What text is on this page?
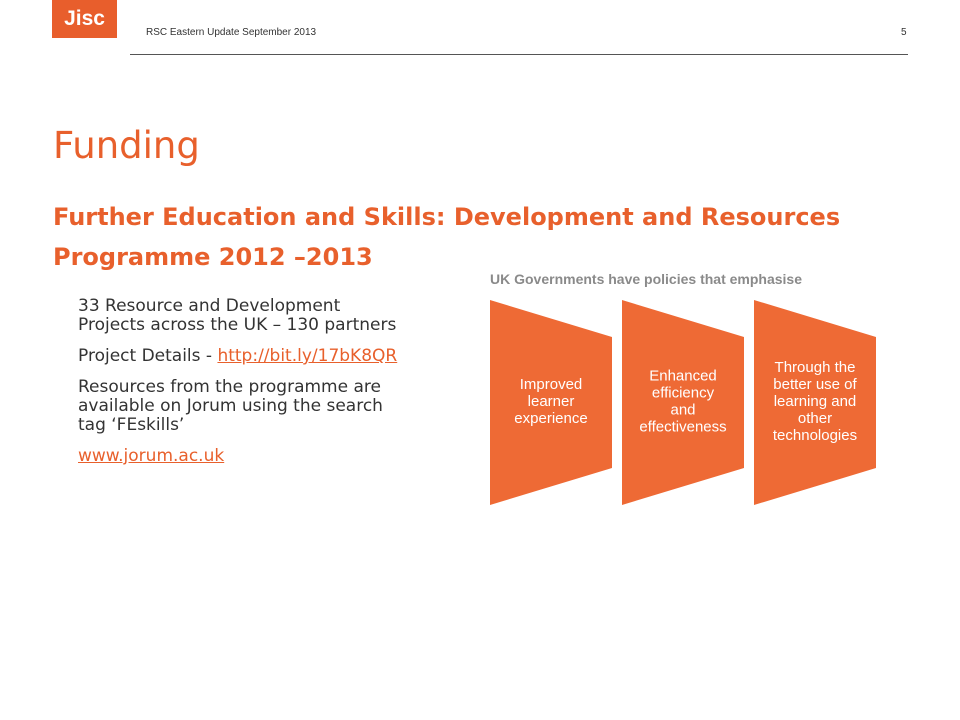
Jisc
RSC Eastern Update September 2013	5
Funding
Further Education and Skills: Development and Resources Programme 2012 –2013

33 Resource and Development Projects across the UK – 130 partners

Project Details - http://bit.ly/17bK8QR

Resources from the programme are available on Jorum using the search tag ‘FEskills’

www.jorum.ac.uk

UK Governments have policies that emphasise
Improved
learner
experience
Enhanced
efficiency
and
effectiveness
Through the
better use of
learning and
other
technologies
